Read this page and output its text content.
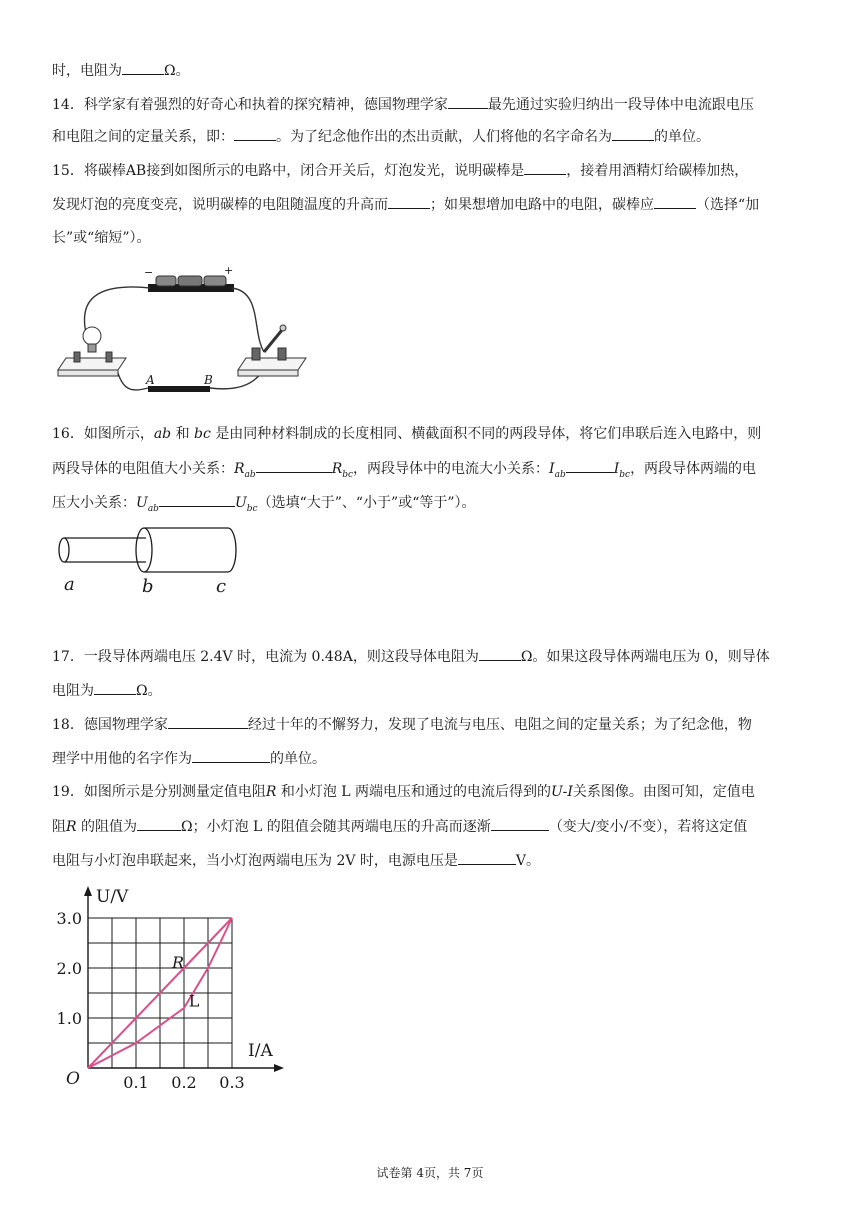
时，电阻为	Ω。
14．科学家有着强烈的好奇心和执着的探究精神，德国物理学家	最先通过实验归纳出一段导体中电流跟电压
和电阻之间的定量关系，即：	。为了纪念他作出的杰出贡献，人们将他的名字命名为	的单位。
15．将碳棒AB接到如图所示的电路中，闭合开关后，灯泡发光，说明碳棒是	，接着用酒精灯给碳棒加热，
发现灯泡的亮度变亮，说明碳棒的电阻随温度的升高而	；如果想增加电路中的电阻，碳棒应	（选择“加
长”或“缩短”）。
−	+
A	B
16．如图所示，ab 和 bc 是由同种材料制成的长度相同、横截面积不同的两段导体，将它们串联后连入电路中，则
两段导体的电阻值大小关系：$R_{ab}$	$R_{bc}$，两段导体中的电流大小关系：$I_{ab}$	$I_{bc}$，两段导体两端的电
压大小关系：$U_{ab}$	$U_{bc}$（选填“大于”、“小于”或“等于”）。
a	b	c
17．一段导体两端电压 2.4V 时，电流为 0.48A，则这段导体电阻为	Ω。如果这段导体两端电压为 0，则导体
电阻为	Ω。
18．德国物理学家	经过十年的不懈努力，发现了电流与电压、电阻之间的定量关系；为了纪念他，物
理学中用他的名字作为	的单位。
19．如图所示是分别测量定值电阻R 和小灯泡 L 两端电压和通过的电流后得到的U-I关系图像。由图可知，定值电
阻R 的阻值为	Ω；小灯泡 L 的阻值会随其两端电压的升高而逐渐	（变大/变小/不变），若将这定值
电阻与小灯泡串联起来，当小灯泡两端电压为 2V 时，电源电压是	V。
R
L
0.1 0.2 0.3
1.0
2.0
3.0
U/V
I/A
O
试卷第 4页，共 7页
